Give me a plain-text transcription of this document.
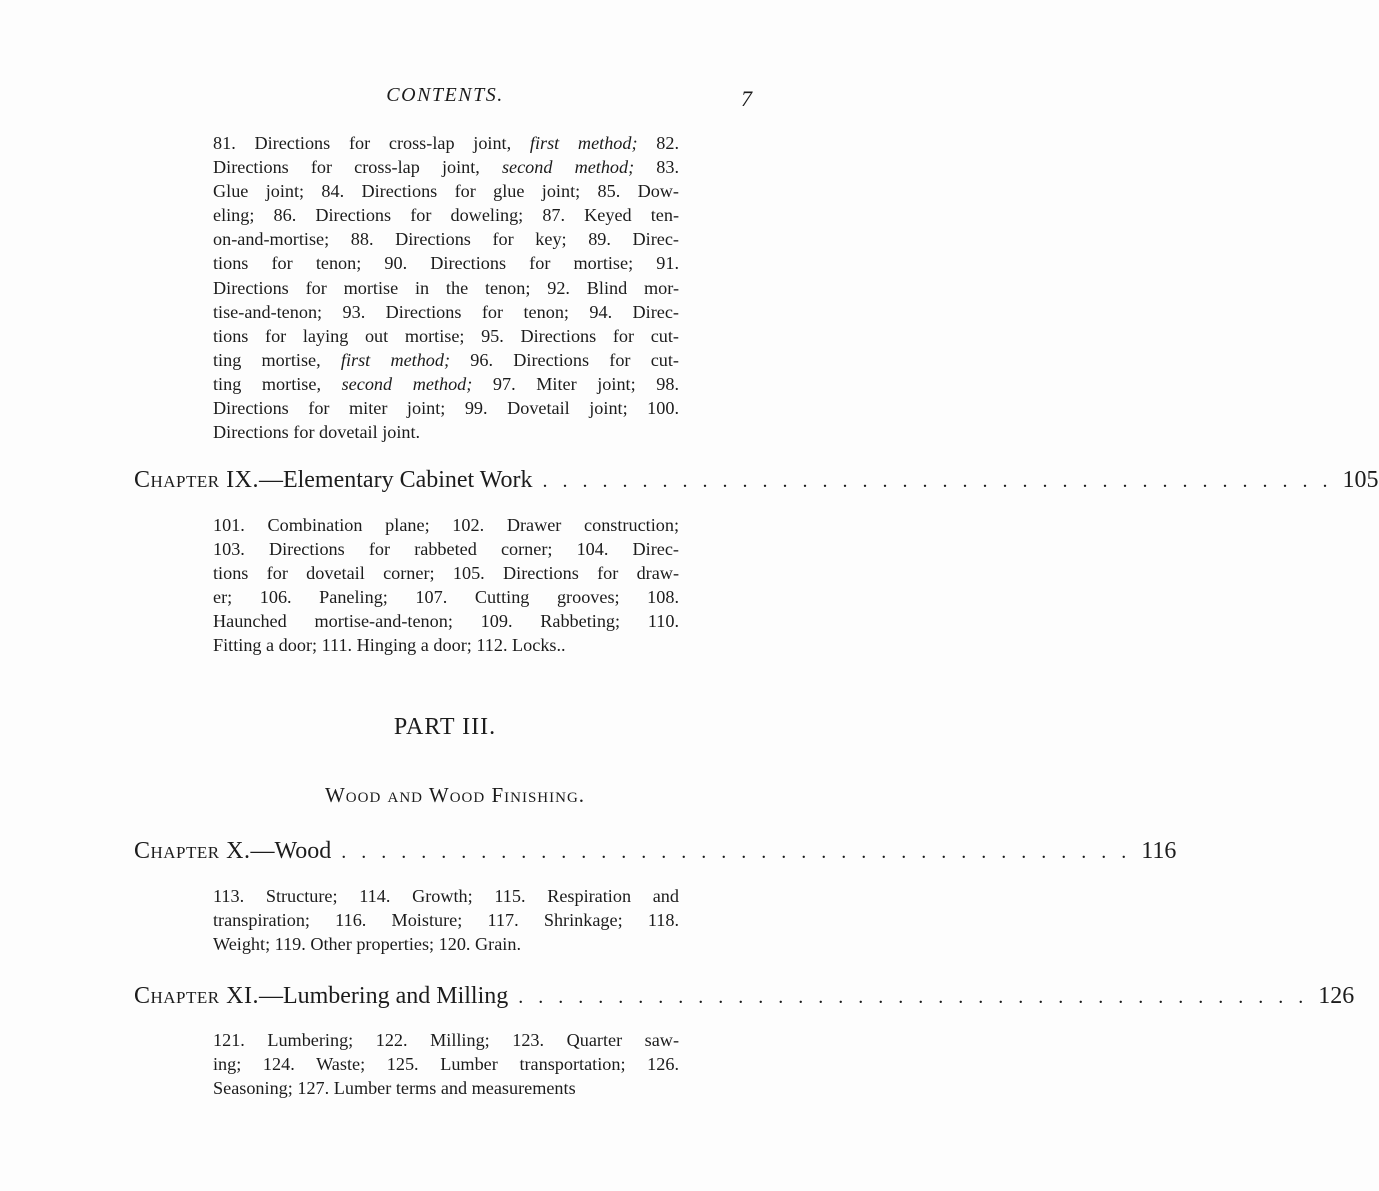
CONTENTS.	7
81. Directions for cross-lap joint, first method; 82.
Directions for cross-lap joint, second method; 83.
Glue joint; 84. Directions for glue joint; 85. Dow-
eling; 86. Directions for doweling; 87. Keyed ten-
on-and-mortise; 88. Directions for key; 89. Direc-
tions for tenon; 90. Directions for mortise; 91.
Directions for mortise in the tenon; 92. Blind mor-
tise-and-tenon; 93. Directions for tenon; 94. Direc-
tions for laying out mortise; 95. Directions for cut-
ting mortise, first method; 96. Directions for cut-
ting mortise, second method; 97. Miter joint; 98.
Directions for miter joint; 99. Dovetail joint; 100.
Directions for dovetail joint.
Chapter IX.—Elementary Cabinet Work . . . . . . . . . . . . . . . . . . . . . . . . . . . . . . . . . . . . . . . . 105
101. Combination plane; 102. Drawer construction;
103. Directions for rabbeted corner; 104. Direc-
tions for dovetail corner; 105. Directions for draw-
er; 106. Paneling; 107. Cutting grooves; 108.
Haunched mortise-and-tenon; 109. Rabbeting; 110.
Fitting a door; 111. Hinging a door; 112. Locks..
PART III.
Wood and Wood Finishing.
Chapter X.—Wood . . . . . . . . . . . . . . . . . . . . . . . . . . . . . . . . . . . . . . . . 116
113. Structure; 114. Growth; 115. Respiration and
transpiration; 116. Moisture; 117. Shrinkage; 118.
Weight; 119. Other properties; 120. Grain.
Chapter XI.—Lumbering and Milling . . . . . . . . . . . . . . . . . . . . . . . . . . . . . . . . . . . . . . . . 126
121. Lumbering; 122. Milling; 123. Quarter saw-
ing; 124. Waste; 125. Lumber transportation; 126.
Seasoning; 127. Lumber terms and measurements
